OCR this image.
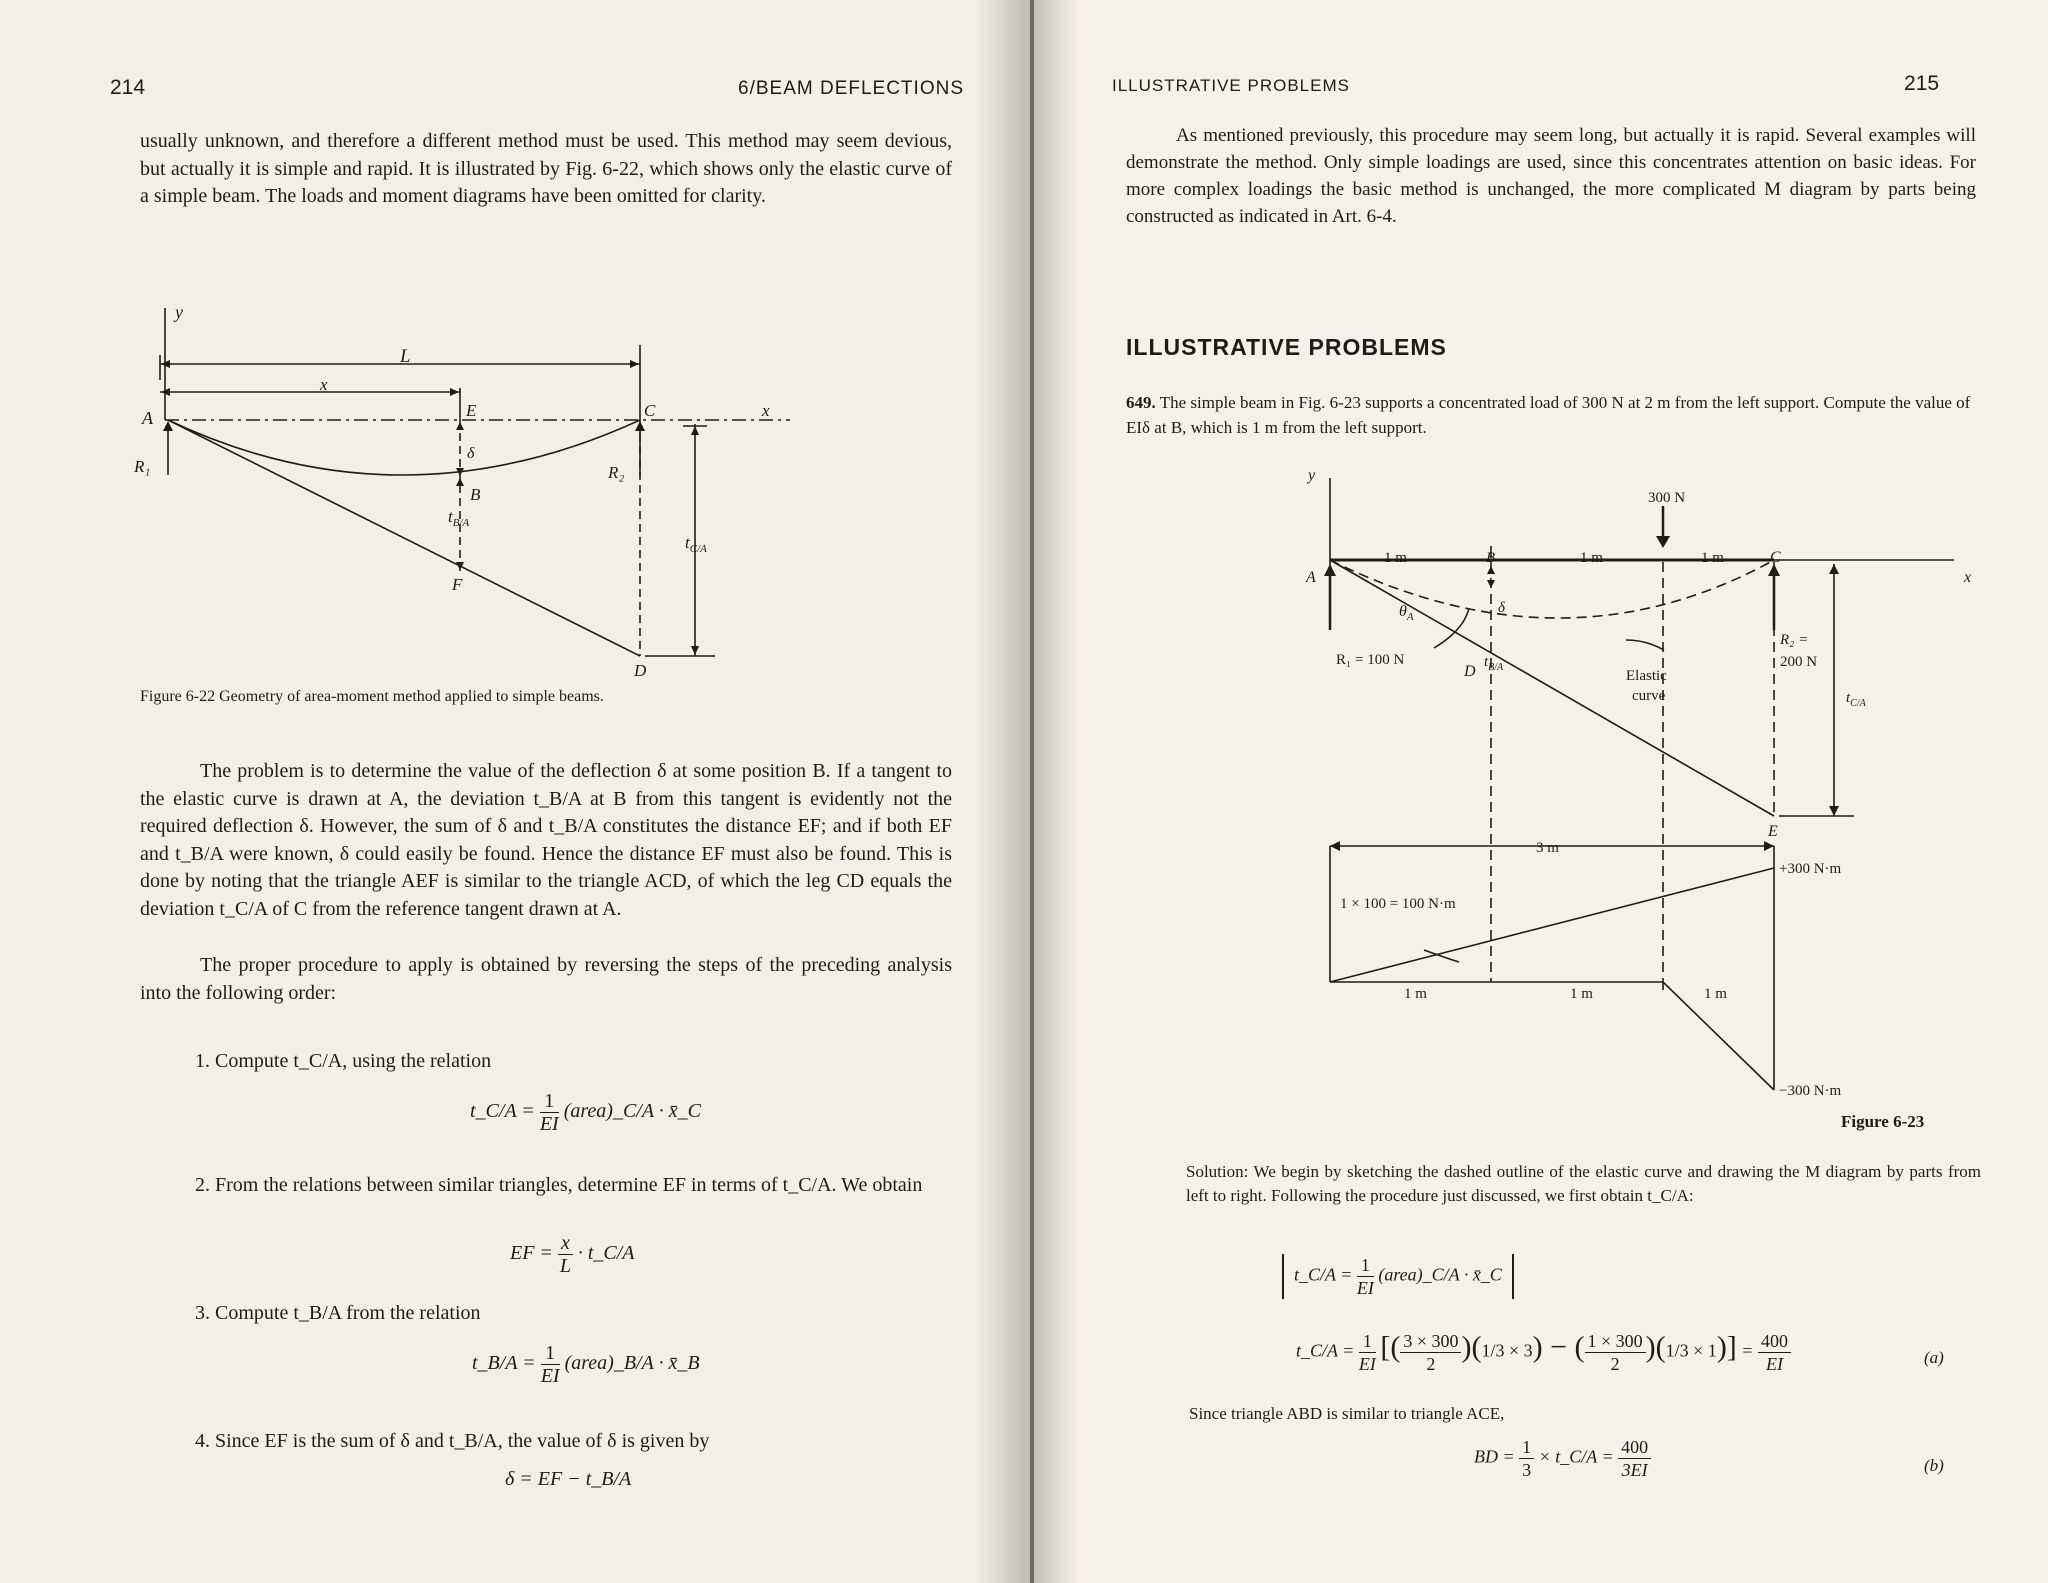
214	6/BEAM DEFLECTIONS
usually unknown, and therefore a different method must be used. This method may seem devious, but actually it is simple and rapid. It is illustrated by Fig. 6-22, which shows only the elastic curve of a simple beam. The loads and moment diagrams have been omitted for clarity.
y
L
x
A	E	C	x
δ
B
R₁	R₂
$t_{B/A}$
$t_{C/A}$
F
D
Figure 6-22 Geometry of area-moment method applied to simple beams.
The problem is to determine the value of the deflection δ at some position B. If a tangent to the elastic curve is drawn at A, the deviation t_B/A at B from this tangent is evidently not the required deflection δ. However, the sum of δ and t_B/A constitutes the distance EF; and if both EF and t_B/A were known, δ could easily be found. Hence the distance EF must also be found. This is done by noting that the triangle AEF is similar to the triangle ACD, of which the leg CD equals the deviation t_C/A of C from the reference tangent drawn at A.
The proper procedure to apply is obtained by reversing the steps of the preceding analysis into the following order:
1. Compute t_C/A, using the relation
t_C/A = $\frac{1}{EI}$ (area)_C/A · x̄_C
2. From the relations between similar triangles, determine EF in terms of t_C/A. We obtain
EF = $\frac{x}{L}$ · t_C/A
3. Compute t_B/A from the relation
t_B/A = $\frac{1}{EI}$ (area)_B/A · x̄_B
4. Since EF is the sum of δ and t_B/A, the value of δ is given by
δ = EF − t_B/A
ILLUSTRATIVE PROBLEMS	215
As mentioned previously, this procedure may seem long, but actually it is rapid. Several examples will demonstrate the method. Only simple loadings are used, since this concentrates attention on basic ideas. For more complex loadings the basic method is unchanged, the more complicated M diagram by parts being constructed as indicated in Art. 6-4.
ILLUSTRATIVE PROBLEMS
649. The simple beam in Fig. 6-23 supports a concentrated load of 300 N at 2 m from the left support. Compute the value of EIδ at B, which is 1 m from the left support.
y
300 N
1 m	B	1 m	1 m	C
A	x
$\theta_A$
δ
R₁ = 100 N
D
$t_{B/A}$
Elastic
curve
R₂ =
200 N
$t_{C/A}$
E
3 m
+300 N·m
1 × 100 = 100 N·m
1 m	1 m	1 m
−300 N·m
Figure 6-23
Solution: We begin by sketching the dashed outline of the elastic curve and drawing the M diagram by parts from left to right. Following the procedure just discussed, we first obtain t_C/A:
t_C/A = $\frac{1}{EI}$ (area)_C/A · x̄_C
t_C/A = $\frac{1}{EI}$ [( $\frac{3 \times 300}{2} )(1/3 \times 3)$ − ( $\frac{1 \times 300}{2} )(1/3 \times 1)] = \frac{400}{EI}$	(a)
Since triangle ABD is similar to triangle ACE,
BD = $\frac{1}{3}$ × t_C/A = $\frac{400}{3EI}$	(b)
